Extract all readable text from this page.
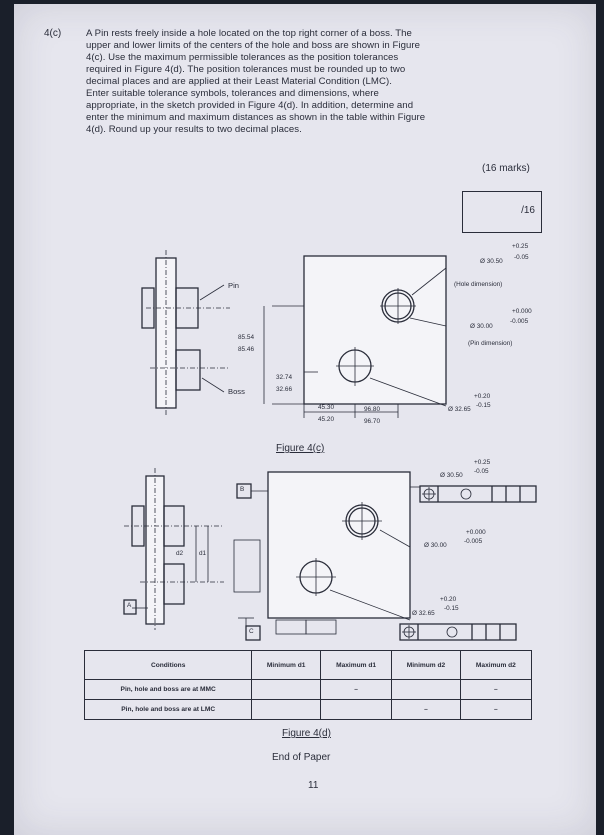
4(c)	A Pin rests freely inside a hole located on the top right corner of a boss. The
upper and lower limits of the centers of the hole and boss are shown in Figure
4(c). Use the maximum permissible tolerances as the position tolerances
required in Figure 4(d). The position tolerances must be rounded up to two
decimal places and are applied at their Least Material Condition (LMC).
Enter suitable tolerance symbols, tolerances and dimensions, where
appropriate, in the sketch provided in Figure 4(d). In addition, determine and
enter the minimum and maximum distances as shown in the table within Figure
4(d). Round up your results to two decimal places.
(16 marks)
/16
Pin
Boss
85.54
85.46
32.74
32.66
45.30
45.20
96.80
96.70
+0.25
Ø 30.50
-0.05
(Hole dimension)
+0.000
Ø 30.00
-0.005
(Pin dimension)
+0.20
Ø 32.65
-0.15
Figure 4(c)
+0.25
Ø 30.50
-0.05
+0.000
Ø 30.00
-0.005
+0.20
Ø 32.65
-0.15
A
B
C
d2 d1
Conditions	Minimum d1	Maximum d1	Minimum d2	Maximum d2
Pin, hole and boss are at MMC		–		–
Pin, hole and boss are at LMC			–	–
Figure 4(d)
End of Paper
11
